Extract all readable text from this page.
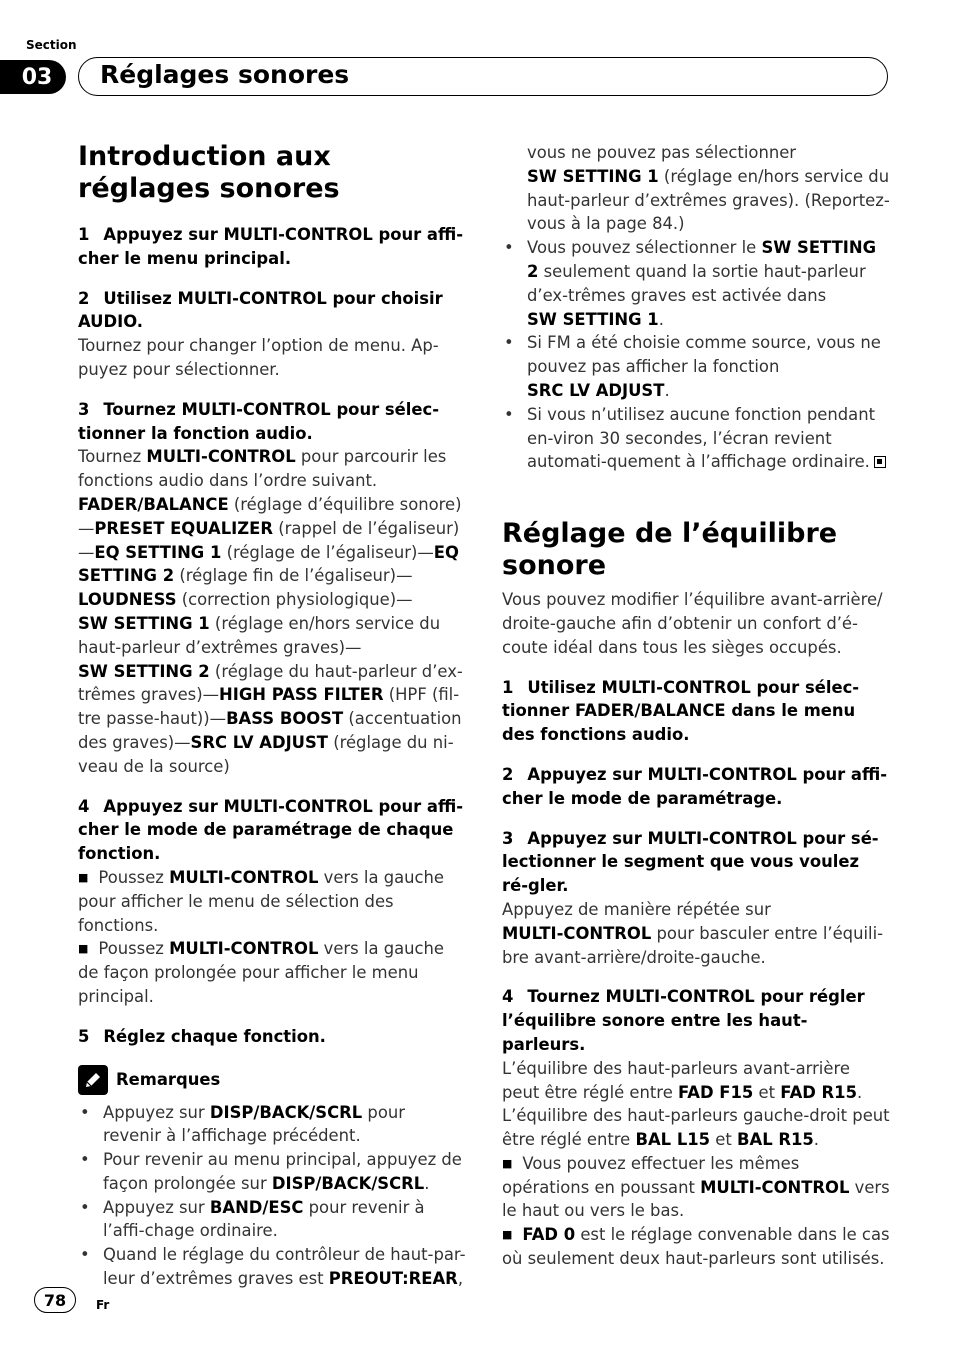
Section
03	Réglages sonores
Introduction aux réglages sonores

1 Appuyez sur MULTI-CONTROL pour affi-cher le menu principal.

2 Utilisez MULTI-CONTROL pour choisir AUDIO.

Tournez pour changer l’option de menu. Ap-puyez pour sélectionner.

3 Tournez MULTI-CONTROL pour sélec-tionner la fonction audio.

Tournez MULTI-CONTROL pour parcourir les fonctions audio dans l’ordre suivant.
FADER/BALANCE (réglage d’équilibre sonore) —PRESET EQUALIZER (rappel de l’égaliseur) —EQ SETTING 1 (réglage de l’égaliseur)—EQ SETTING 2 (réglage fin de l’égaliseur)—LOUDNESS (correction physiologique)—
SW SETTING 1 (réglage en/hors service du haut-parleur d’extrêmes graves)—
SW SETTING 2 (réglage du haut-parleur d’ex-trêmes graves)—HIGH PASS FILTER (HPF (fil-tre passe-haut))—BASS BOOST (accentuation des graves)—SRC LV ADJUST (réglage du ni-veau de la source)

4 Appuyez sur MULTI-CONTROL pour affi-cher le mode de paramétrage de chaque fonction.

■ Poussez MULTI-CONTROL vers la gauche pour afficher le menu de sélection des fonctions.

■ Poussez MULTI-CONTROL vers la gauche de façon prolongée pour afficher le menu principal.

5 Réglez chaque fonction.

Remarques

• Appuyez sur DISP/BACK/SCRL pour revenir à l’affichage précédent.

• Pour revenir au menu principal, appuyez de façon prolongée sur DISP/BACK/SCRL.

• Appuyez sur BAND/ESC pour revenir à l’affi-chage ordinaire.

• Quand le réglage du contrôleur de haut-par-leur d’extrêmes graves est PREOUT:REAR,

vous ne pouvez pas sélectionner
SW SETTING 1 (réglage en/hors service du haut-parleur d’extrêmes graves). (Reportez-vous à la page 84.)

• Vous pouvez sélectionner le SW SETTING 2 seulement quand la sortie haut-parleur d’ex-trêmes graves est activée dans
SW SETTING 1.

• Si FM a été choisie comme source, vous ne pouvez pas afficher la fonction
SRC LV ADJUST.

• Si vous n’utilisez aucune fonction pendant en-viron 30 secondes, l’écran revient automati-quement à l’affichage ordinaire.

Réglage de l’équilibre sonore

Vous pouvez modifier l’équilibre avant-arrière/ droite-gauche afin d’obtenir un confort d’é-coute idéal dans tous les sièges occupés.

1 Utilisez MULTI-CONTROL pour sélec-tionner FADER/BALANCE dans le menu des fonctions audio.

2 Appuyez sur MULTI-CONTROL pour affi-cher le mode de paramétrage.

3 Appuyez sur MULTI-CONTROL pour sé-lectionner le segment que vous voulez ré-gler.

Appuyez de manière répétée sur
MULTI-CONTROL pour basculer entre l’équili-bre avant-arrière/droite-gauche.

4 Tournez MULTI-CONTROL pour régler l’équilibre sonore entre les haut-parleurs.

L’équilibre des haut-parleurs avant-arrière peut être réglé entre FAD F15 et FAD R15.
L’équilibre des haut-parleurs gauche-droit peut être réglé entre BAL L15 et BAL R15.

■ Vous pouvez effectuer les mêmes opérations en poussant MULTI-CONTROL vers le haut ou vers le bas.

■ FAD 0 est le réglage convenable dans le cas où seulement deux haut-parleurs sont utilisés.

78	Fr
